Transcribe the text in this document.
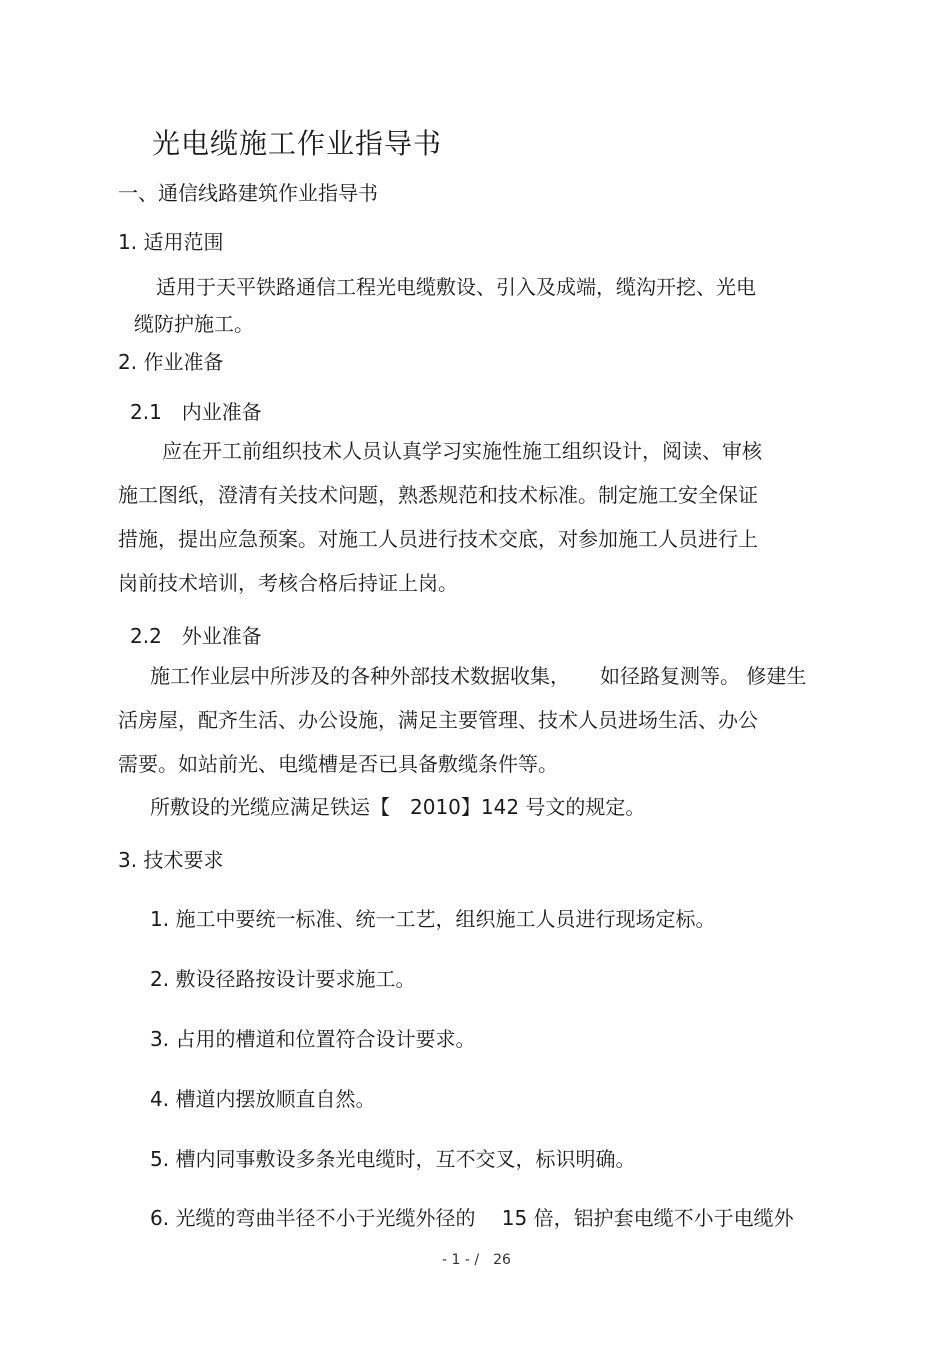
光电缆施工作业指导书
一、通信线路建筑作业指导书
1. 适用范围
适用于天平铁路通信工程光电缆敷设、引入及成端，缆沟开挖、光电
缆防护施工。
2. 作业准备
2.1　内业准备
应在开工前组织技术人员认真学习实施性施工组织设计，阅读、审核
施工图纸，澄清有关技术问题，熟悉规范和技术标准。制定施工安全保证
措施，提出应急预案。对施工人员进行技术交底，对参加施工人员进行上
岗前技术培训，考核合格后持证上岗。
2.2　外业准备
施工作业层中所涉及的各种外部技术数据收集，　　如径路复测等。 修建生
活房屋，配齐生活、办公设施，满足主要管理、技术人员进场生活、办公
需要。如站前光、电缆槽是否已具备敷缆条件等。
所敷设的光缆应满足铁运【　2010】142 号文的规定。
3. 技术要求
1. 施工中要统一标准、统一工艺，组织施工人员进行现场定标。
2. 敷设径路按设计要求施工。
3. 占用的槽道和位置符合设计要求。
4. 槽道内摆放顺直自然。
5. 槽内同事敷设多条光电缆时，互不交叉，标识明确。
6. 光缆的弯曲半径不小于光缆外径的　 15 倍，铝护套电缆不小于电缆外
- 1 - /　26
